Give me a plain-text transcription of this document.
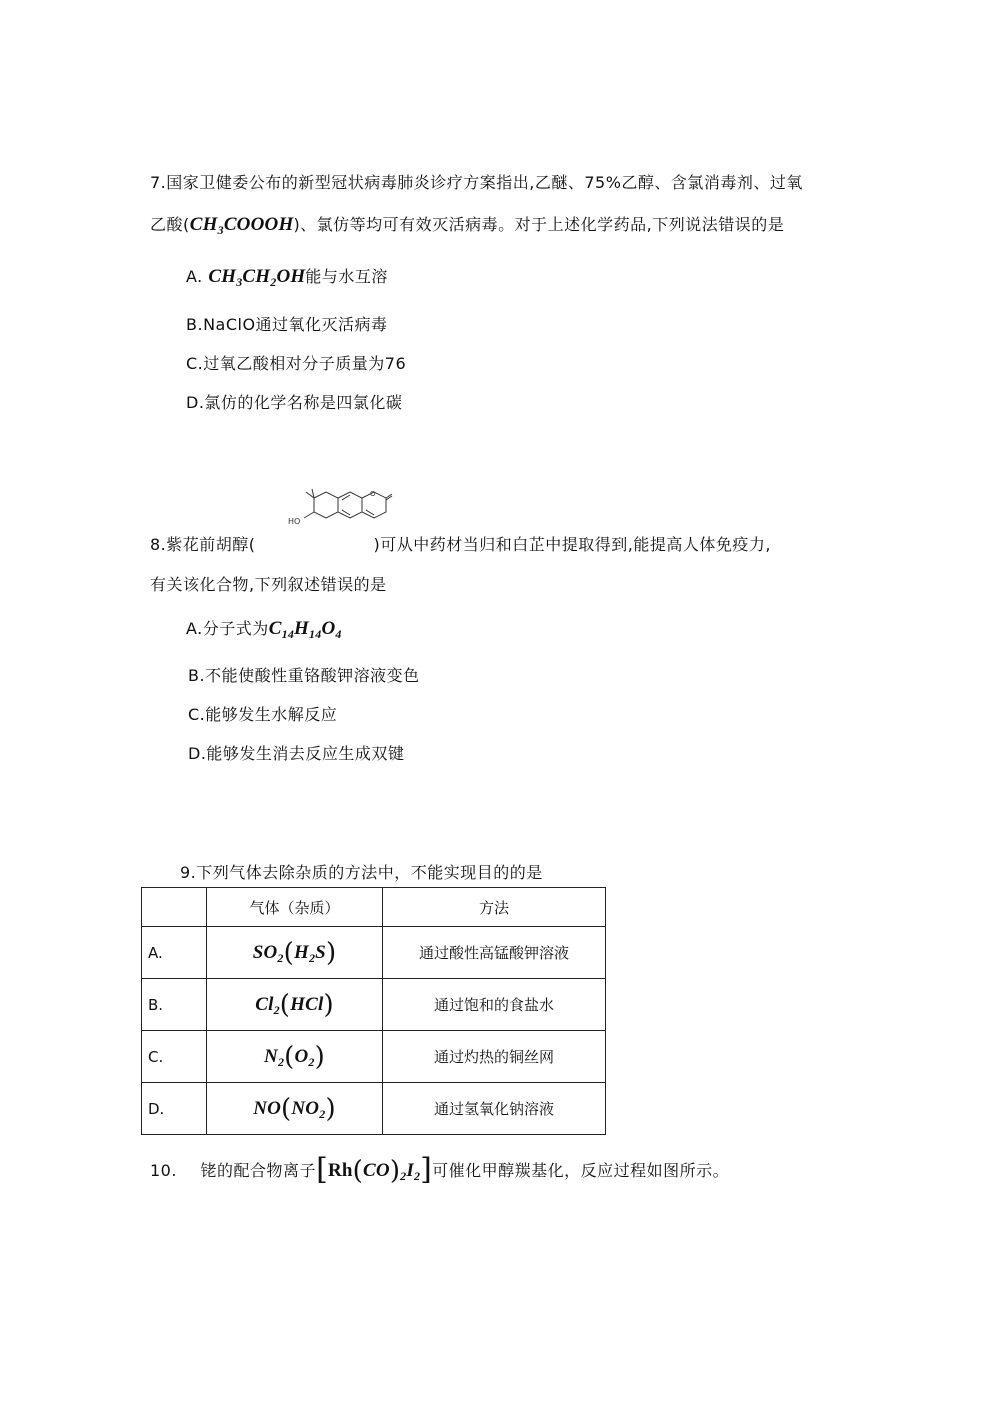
7.国家卫健委公布的新型冠状病毒肺炎诊疗方案指出,乙醚、75%乙醇、含氯消毒剂、过氧
乙酸$(CH_3COOOH)$、氯仿等均可有效灭活病毒。对于上述化学药品,下列说法错误的是
A. $CH_3CH_2OH$能与水互溶
B.NaClO通过氧化灭活病毒
C.过氧乙酸相对分子质量为76
D.氯仿的化学名称是四氯化碳
O
HO
8.紫花前胡醇(	)可从中药材当归和白芷中提取得到,能提高人体免疫力,
有关该化合物,下列叙述错误的是
A.分子式为$C_{14}H_{14}O_4$
B.不能使酸性重铬酸钾溶液变色
C.能够发生水解反应
D.能够发生消去反应生成双键
9.下列气体去除杂质的方法中，不能实现目的的是
	气体（杂质）	方法
A.	$SO_2(H_2S)$	通过酸性高锰酸钾溶液
B.	$Cl_2(HCl)$	通过饱和的食盐水
C.	$N_2(O_2)$	通过灼热的铜丝网
D.	$NO(NO_2)$	通过氢氧化钠溶液
10. 铑的配合物离子$[Rh(CO)_2I_2]$可催化甲醇羰基化，反应过程如图所示。
